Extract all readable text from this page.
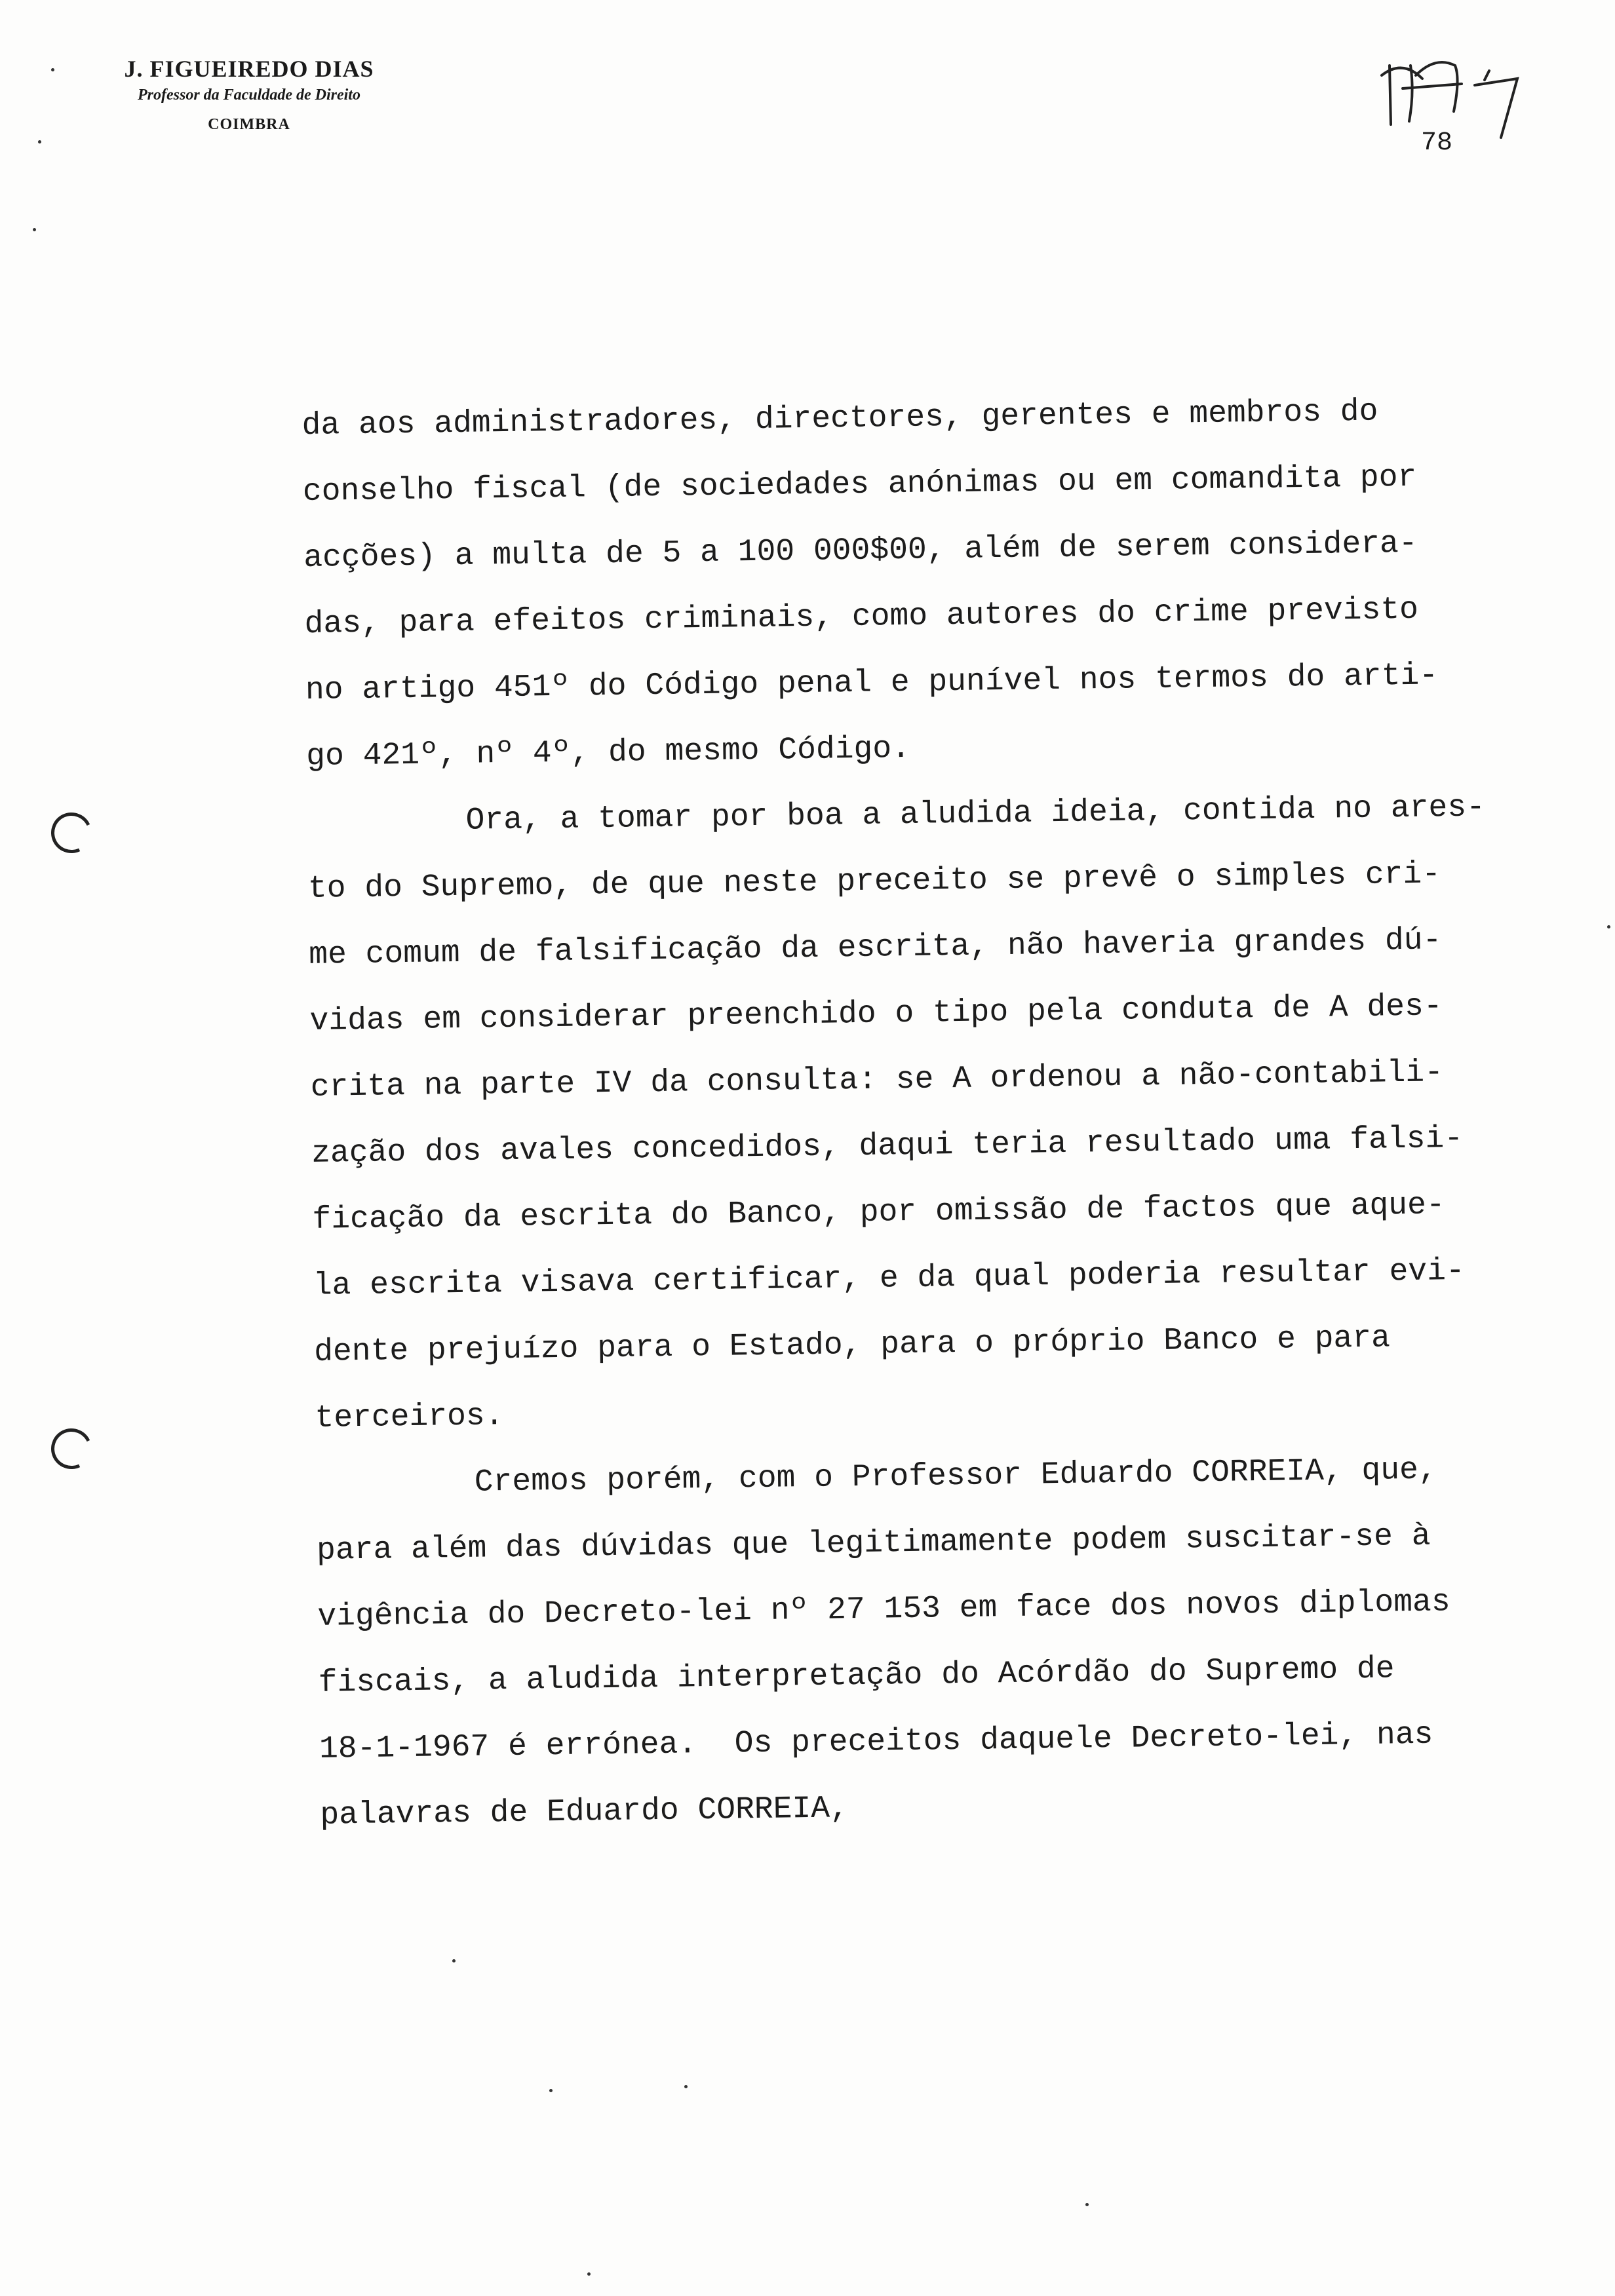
J. FIGUEIREDO DIAS
Professor da Faculdade de Direito
COIMBRA
78
da aos administradores, directores, gerentes e membros do
conselho fiscal (de sociedades anónimas ou em comandita por
acções) a multa de 5 a 100 000$00, além de serem considera-
das, para efeitos criminais, como autores do crime previsto
no artigo 451º do Código penal e punível nos termos do arti-
go 421º, nº 4º, do mesmo Código.
Ora, a tomar por boa a aludida ideia, contida no ares-
to do Supremo, de que neste preceito se prevê o simples cri-
me comum de falsificação da escrita, não haveria grandes dú-
vidas em considerar preenchido o tipo pela conduta de A des-
crita na parte IV da consulta: se A ordenou a não-contabili-
zação dos avales concedidos, daqui teria resultado uma falsi-
ficação da escrita do Banco, por omissão de factos que aque-
la escrita visava certificar, e da qual poderia resultar evi-
dente prejuízo para o Estado, para o próprio Banco e para
terceiros.
Cremos porém, com o Professor Eduardo CORREIA, que,
para além das dúvidas que legitimamente podem suscitar-se à
vigência do Decreto-lei nº 27 153 em face dos novos diplomas
fiscais, a aludida interpretação do Acórdão do Supremo de
18-1-1967 é errónea.  Os preceitos daquele Decreto-lei, nas
palavras de Eduardo CORREIA,
